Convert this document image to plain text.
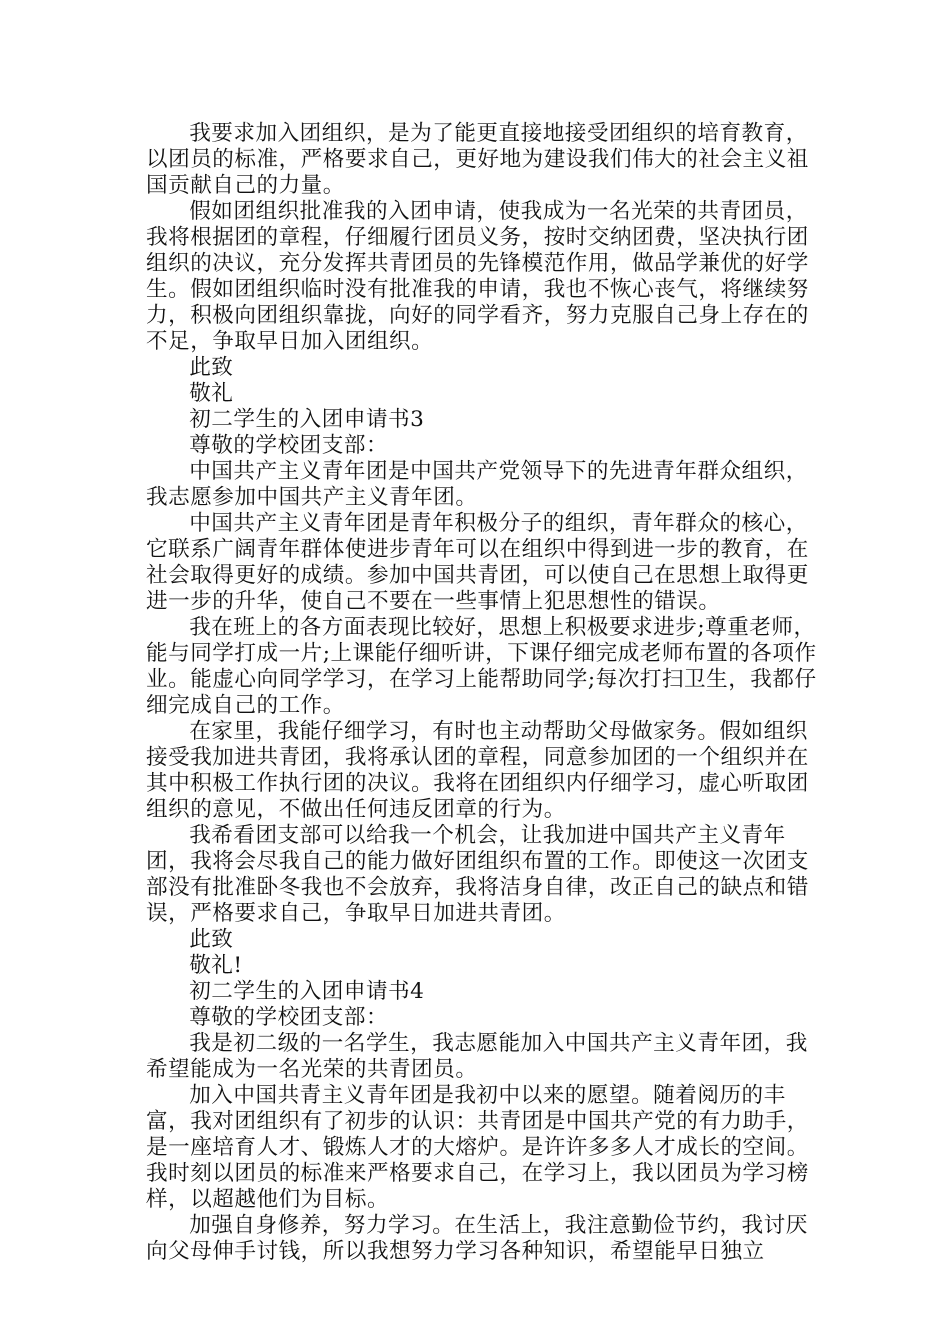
我要求加入团组织，是为了能更直接地接受团组织的培育教育，以团员的标准，严格要求自己，更好地为建设我们伟大的社会主义祖国贡献自己的力量。

假如团组织批准我的入团申请，使我成为一名光荣的共青团员，我将根据团的章程，仔细履行团员义务，按时交纳团费，坚决执行团组织的决议，充分发挥共青团员的先锋模范作用，做品学兼优的好学生。假如团组织临时没有批准我的申请，我也不恢心丧气，将继续努力，积极向团组织靠拢，向好的同学看齐，努力克服自己身上存在的不足，争取早日加入团组织。

此致

敬礼

初二学生的入团申请书3

尊敬的学校团支部：

中国共产主义青年团是中国共产党领导下的先进青年群众组织，我志愿参加中国共产主义青年团。

中国共产主义青年团是青年积极分子的组织，青年群众的核心，它联系广阔青年群体使进步青年可以在组织中得到进一步的教育，在社会取得更好的成绩。参加中国共青团，可以使自己在思想上取得更进一步的升华，使自己不要在一些事情上犯思想性的错误。

我在班上的各方面表现比较好，思想上积极要求进步;尊重老师，能与同学打成一片;上课能仔细听讲，下课仔细完成老师布置的各项作业。能虚心向同学学习，在学习上能帮助同学;每次打扫卫生，我都仔细完成自己的工作。

在家里，我能仔细学习，有时也主动帮助父母做家务。假如组织接受我加进共青团，我将承认团的章程，同意参加团的一个组织并在其中积极工作执行团的决议。我将在团组织内仔细学习，虚心听取团组织的意见，不做出任何违反团章的行为。

我希看团支部可以给我一个机会，让我加进中国共产主义青年团，我将会尽我自己的能力做好团组织布置的工作。即使这一次团支部没有批准卧冬我也不会放弃，我将洁身自律，改正自己的缺点和错误，严格要求自己，争取早日加进共青团。

此致

敬礼!

初二学生的入团申请书4

尊敬的学校团支部：

我是初二级的一名学生，我志愿能加入中国共产主义青年团，我希望能成为一名光荣的共青团员。

加入中国共青主义青年团是我初中以来的愿望。随着阅历的丰富，我对团组织有了初步的认识：共青团是中国共产党的有力助手，是一座培育人才、锻炼人才的大熔炉。是许许多多人才成长的空间。我时刻以团员的标准来严格要求自己，在学习上，我以团员为学习榜样，以超越他们为目标。

加强自身修养，努力学习。在生活上，我注意勤俭节约，我讨厌向父母伸手讨钱，所以我想努力学习各种知识，希望能早日独立
